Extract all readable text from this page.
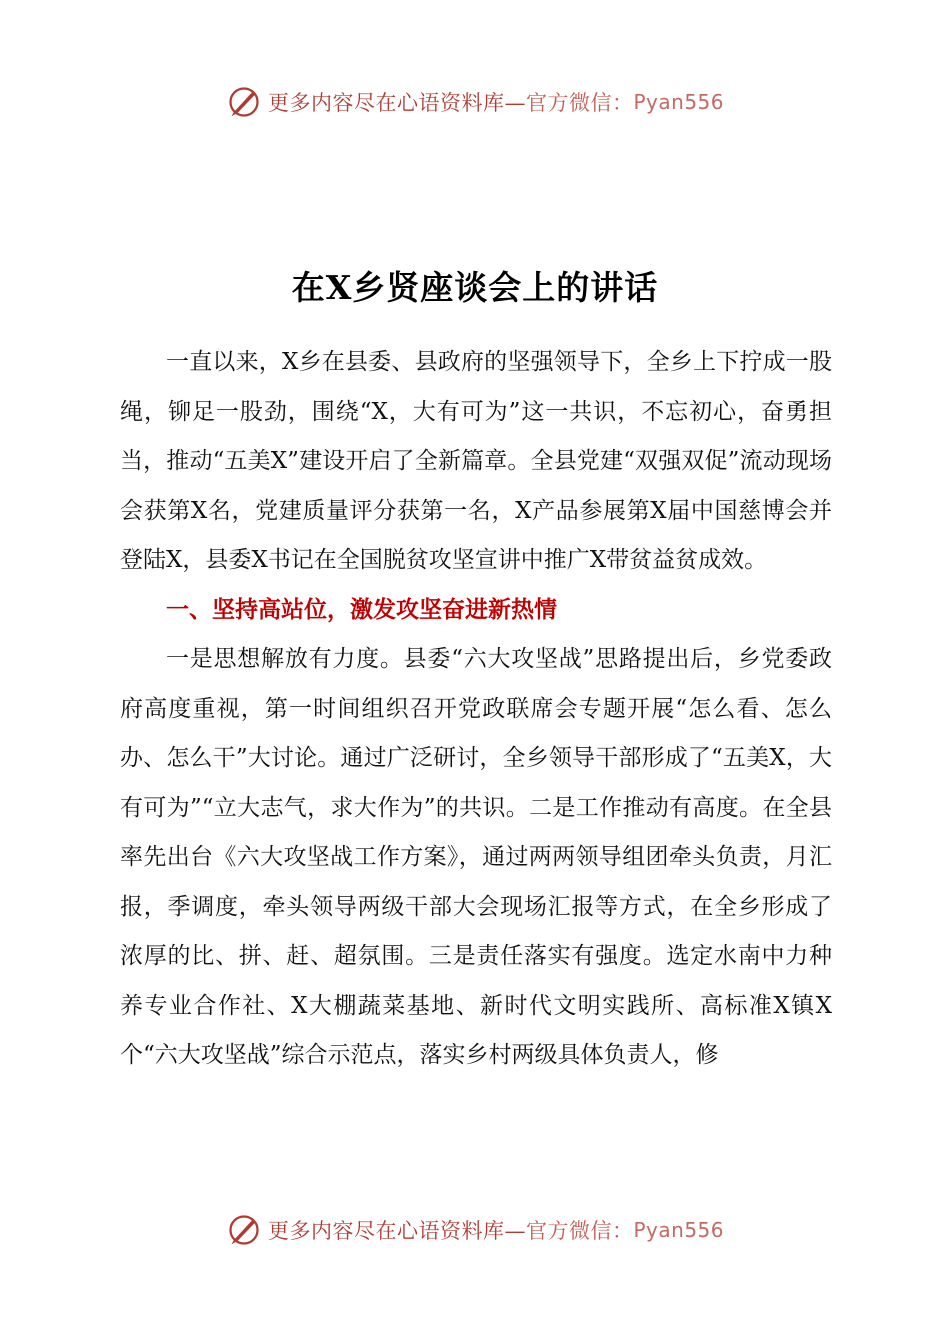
更多内容尽在心语资料库— 官方微信： Pyan556
在X乡贤座谈会上的讲话

一直以来，X乡在县委、县政府的坚强领导下，全乡上下拧成一股绳，铆足一股劲，围绕“X，大有可为”这一共识，不忘初心，奋勇担当，推动“五美X”建设开启了全新篇章。全县党建“双强双促”流动现场会获第X名，党建质量评分获第一名，X产品参展第X届中国慈博会并登陆X，县委X书记在全国脱贫攻坚宣讲中推广X带贫益贫成效。

一、坚持高站位，激发攻坚奋进新热情

一是思想解放有力度。县委“六大攻坚战”思路提出后，乡党委政府高度重视，第一时间组织召开党政联席会专题开展“怎么看、怎么办、怎么干”大讨论。通过广泛研讨，全乡领导干部形成了“五美X，大有可为”“立大志气，求大作为”的共识。二是工作推动有高度。在全县率先出台《六大攻坚战工作方案》，通过两两领导组团牵头负责，月汇报，季调度，牵头领导两级干部大会现场汇报等方式，在全乡形成了浓厚的比、拼、赶、超氛围。三是责任落实有强度。选定水南中力种养专业合作社、X大棚蔬菜基地、新时代文明实践所、高标准X镇X个“六大攻坚战”综合示范点，落实乡村两级具体负责人，修

更多内容尽在心语资料库— 官方微信： Pyan556
